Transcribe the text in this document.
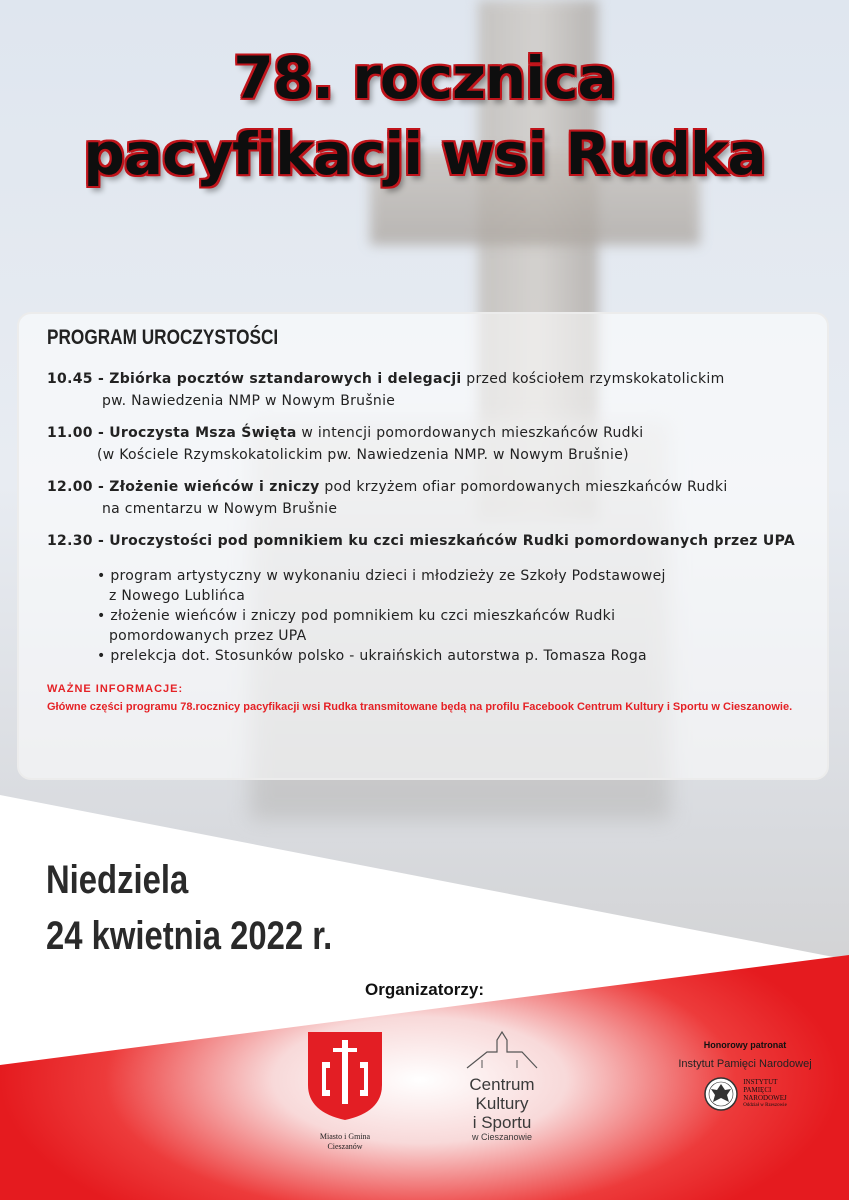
78. rocznica
pacyfikacji wsi Rudka
PROGRAM UROCZYSTOŚCI
10.45 - Zbiórka pocztów sztandarowych i delegacji przed kościołem rzymskokatolickim
pw. Nawiedzenia NMP w Nowym Brušnie
11.00 - Uroczysta Msza Święta w intencji pomordowanych mieszkańców Rudki
(w Kościele Rzymskokatolickim pw. Nawiedzenia NMP. w Nowym Brušnie)
12.00 - Złożenie wieńców i zniczy pod krzyżem ofiar pomordowanych mieszkańców Rudki
na cmentarzu w Nowym Brušnie
12.30 - Uroczystości pod pomnikiem ku czci mieszkańców Rudki pomordowanych przez UPA
• program artystyczny w wykonaniu dzieci i młodzieży ze Szkoły Podstawowej
z Nowego Lublińca
• złożenie wieńców i zniczy pod pomnikiem ku czci mieszkańców Rudki
pomordowanych przez UPA
• prelekcja dot. Stosunków polsko - ukraińskich autorstwa p. Tomasza Roga
WAŻNE INFORMACJE:
Główne części programu 78.rocznicy pacyfikacji wsi Rudka transmitowane będą na profilu Facebook Centrum Kultury i Sportu w Cieszanowie.
Niedziela
24 kwietnia 2022 r.
Organizatorzy:
Miasto i Gmina
Cieszanów
Centrum
Kultury
i Sportu
w Cieszanowie
Honorowy patronat
Instytut Pamięci Narodowej
INSTYTUT
PAMIĘCI
NARODOWEJ
Oddział w Rzeszowie
